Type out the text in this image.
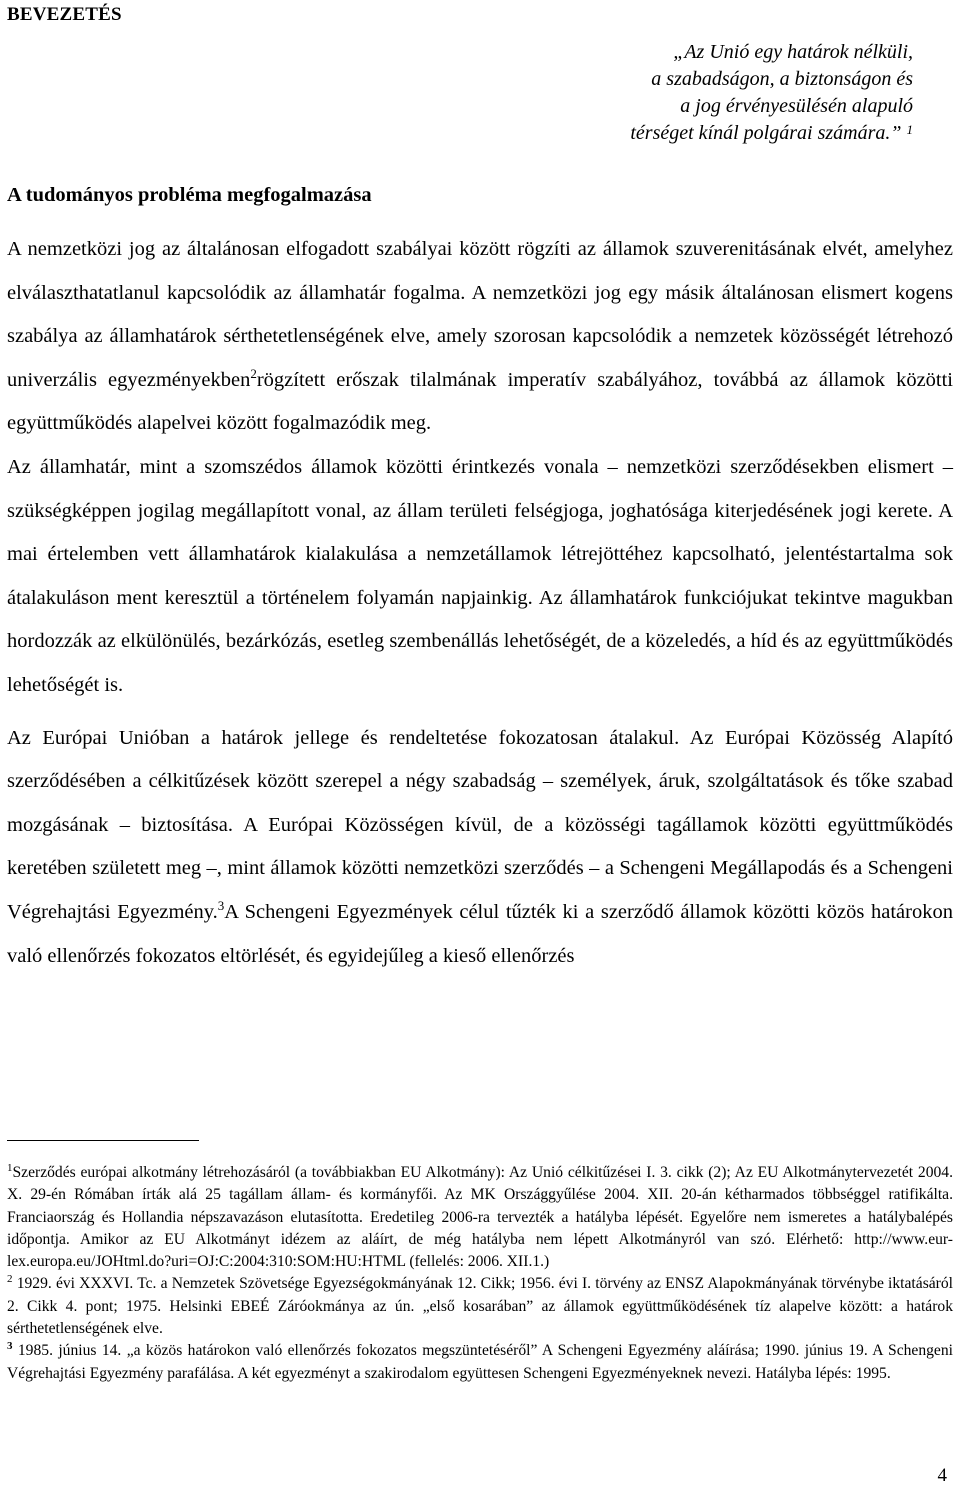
BEVEZETÉS
„Az Unió egy határok nélküli,
a szabadságon, a biztonságon és
a jog érvényesülésén alapuló
térséget kínál polgárai számára.” $^1$
A tudományos probléma megfogalmazása

A nemzetközi jog az általánosan elfogadott szabályai között rögzíti az államok szuverenitásának elvét, amelyhez elválaszthatatlanul kapcsolódik az államhatár fogalma. A nemzetközi jog egy másik általánosan elismert kogens szabálya az államhatárok sérthetetlenségének elve, amely szorosan kapcsolódik a nemzetek közösségét létrehozó univerzális egyezményekben$^2$rögzített erőszak tilalmának imperatív szabályához, továbbá az államok közötti együttműködés alapelvei között fogalmazódik meg.

Az államhatár, mint a szomszédos államok közötti érintkezés vonala – nemzetközi szerződésekben elismert – szükségképpen jogilag megállapított vonal, az állam területi felségjoga, joghatósága kiterjedésének jogi kerete. A mai értelemben vett államhatárok kialakulása a nemzetállamok létrejöttéhez kapcsolható, jelentéstartalma sok átalakuláson ment keresztül a történelem folyamán napjainkig. Az államhatárok funkciójukat tekintve magukban hordozzák az elkülönülés, bezárkózás, esetleg szembenállás lehetőségét, de a közeledés, a híd és az együttműködés lehetőségét is.

Az Európai Unióban a határok jellege és rendeltetése fokozatosan átalakul. Az Európai Közösség Alapító szerződésében a célkitűzések között szerepel a négy szabadság – személyek, áruk, szolgáltatások és tőke szabad mozgásának – biztosítása. A Európai Közösségen kívül, de a közösségi tagállamok közötti együttműködés keretében született meg –, mint államok közötti nemzetközi szerződés – a Schengeni Megállapodás és a Schengeni Végrehajtási Egyezmény.$^3$A Schengeni Egyezmények célul tűzték ki a szerződő államok közötti közös határokon való ellenőrzés fokozatos eltörlését, és egyidejűleg a kieső ellenőrzés

$^1$Szerződés európai alkotmány létrehozásáról (a továbbiakban EU Alkotmány): Az Unió célkitűzései I. 3. cikk (2); Az EU Alkotmánytervezetét 2004. X. 29-én Rómában írták alá 25 tagállam állam- és kormányfői. Az MK Országgyűlése 2004. XII. 20-án kétharmados többséggel ratifikálta. Franciaország és Hollandia népszavazáson elutasította. Eredetileg 2006-ra tervezték a hatályba lépését. Egyelőre nem ismeretes a hatálybalépés időpontja. Amikor az EU Alkotmányt idézem az aláírt, de még hatályba nem lépett Alkotmányról van szó. Elérhető: http://www.eur-lex.europa.eu/JOHtml.do?uri=OJ:C:2004:310:SOM:HU:HTML (fellelés: 2006. XII.1.)

$^2$ 1929. évi XXXVI. Tc. a Nemzetek Szövetsége Egyezségokmányának 12. Cikk; 1956. évi I. törvény az ENSZ Alapokmányának törvénybe iktatásáról 2. Cikk 4. pont; 1975. Helsinki EBEÉ Záróokmánya az ún. „első kosarában” az államok együttműködésének tíz alapelve között: a határok sérthetetlenségének elve.

$^3$ 1985. június 14. „a közös határokon való ellenőrzés fokozatos megszüntetéséről” A Schengeni Egyezmény aláírása; 1990. június 19. A Schengeni Végrehajtási Egyezmény parafálása. A két egyezményt a szakirodalom együttesen Schengeni Egyezményeknek nevezi. Hatályba lépés: 1995.

4
